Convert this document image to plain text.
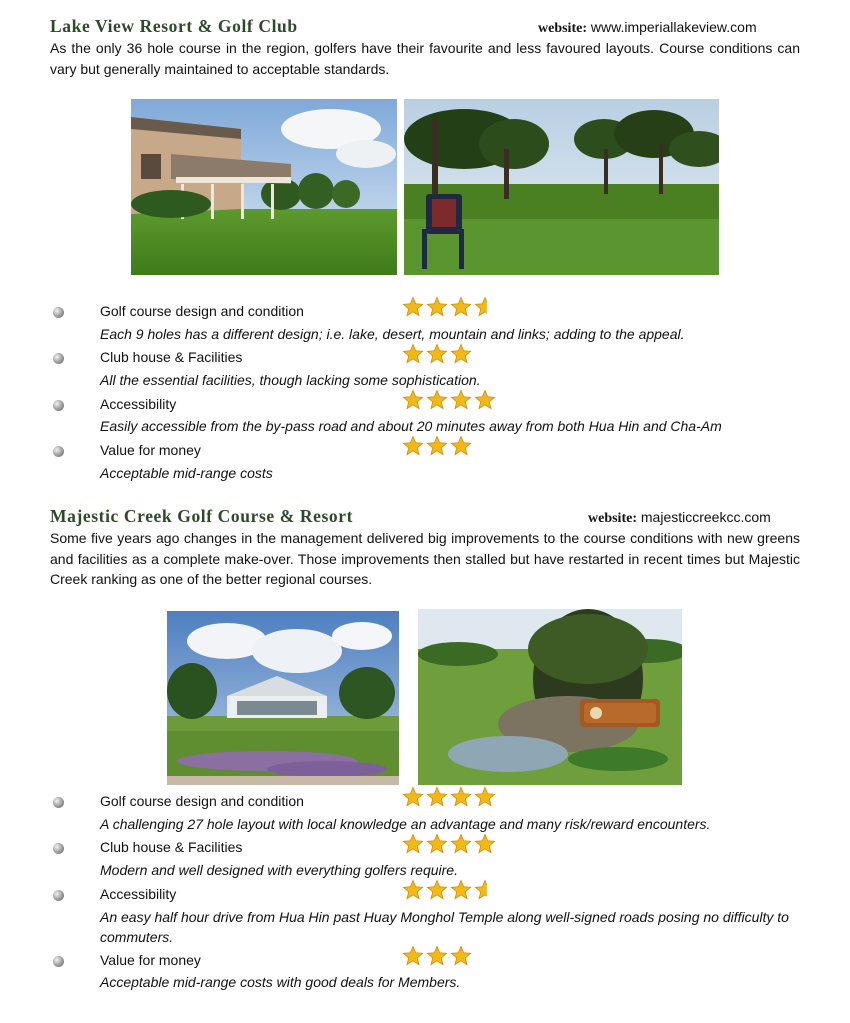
Lake View Resort & Golf Club	website: www.imperiallakeview.com
As the only 36 hole course in the region, golfers have their favourite and less favoured layouts. Course conditions can vary but generally maintained to acceptable standards.
Golf course design and condition
Each 9 holes has a different design; i.e. lake, desert, mountain and links; adding to the appeal.
Club house & Facilities
All the essential facilities, though lacking some sophistication.
Accessibility
Easily accessible from the by-pass road and about 20 minutes away from both Hua Hin and Cha-Am
Value for money
Acceptable mid-range costs
Majestic Creek Golf Course & Resort	website: majesticcreekcc.com
Some five years ago changes in the management delivered big improvements to the course conditions with new greens and facilities as a complete make-over. Those improvements then stalled but have restarted in recent times but Majestic Creek ranking as one of the better regional courses.
Golf course design and condition
A challenging 27 hole layout with local knowledge an advantage and many risk/reward encounters.
Club house & Facilities
Modern and well designed with everything golfers require.
Accessibility
An easy half hour drive from Hua Hin past Huay Monghol Temple along well-signed roads posing no difficulty to commuters.
Value for money
Acceptable mid-range costs with good deals for Members.
